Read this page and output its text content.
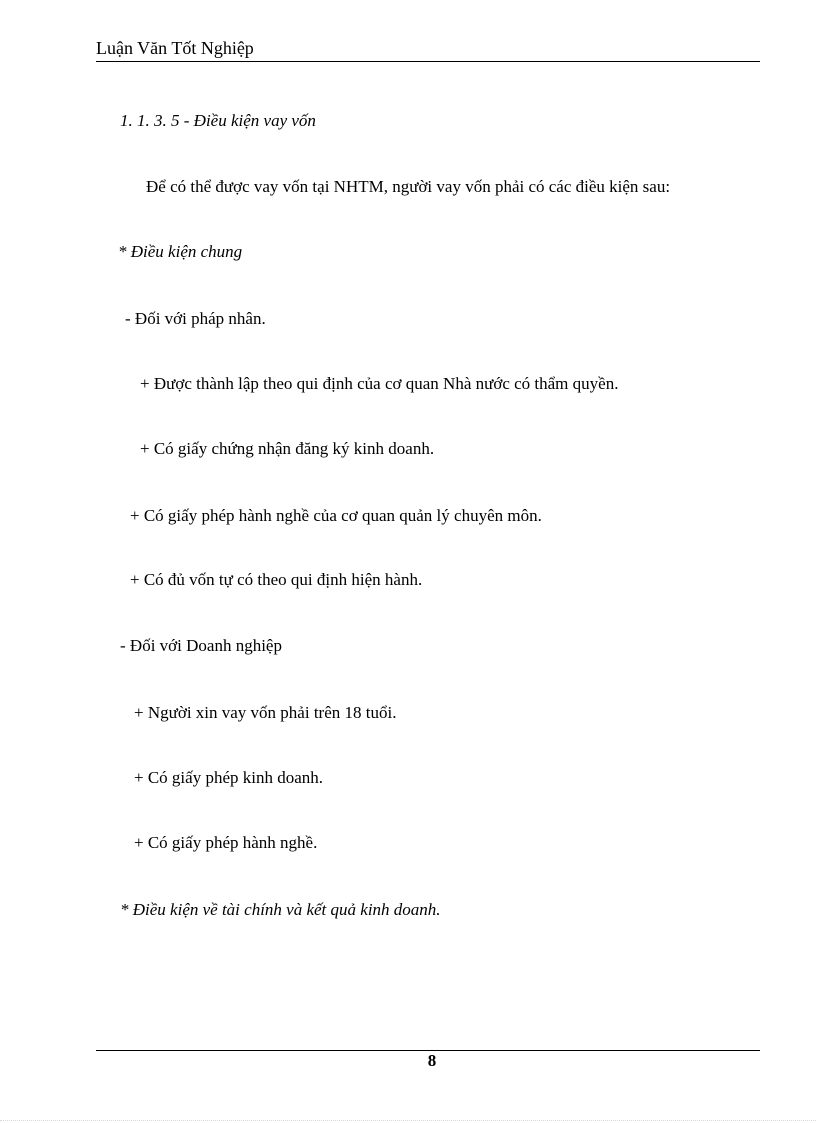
Luận Văn Tốt Nghiệp
1. 1. 3. 5 - Điều kiện vay vốn
Để có thể được vay vốn tại NHTM, người vay vốn phải có các điều kiện sau:
* Điều kiện chung
- Đối với pháp nhân.
+ Được thành lập theo qui định của cơ quan Nhà nước có thẩm quyền.
+ Có giấy chứng nhận đăng ký kinh doanh.
+ Có giấy phép hành nghề của cơ quan quản lý chuyên môn.
+ Có đủ vốn tự có theo qui định hiện hành.
- Đối với Doanh nghiệp
+ Người xin vay vốn phải trên 18 tuổi.
+ Có giấy phép kinh doanh.
+ Có giấy phép hành nghề.
* Điều kiện về tài chính và kết quả kinh doanh.
8
